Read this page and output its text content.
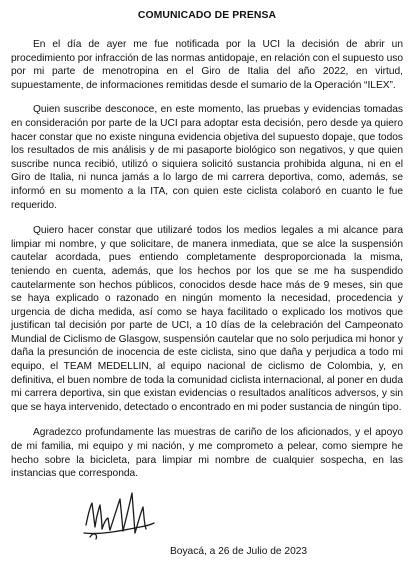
COMUNICADO DE PRENSA

En el día de ayer me fue notificada por la UCI la decisión de abrir un procedimiento por infracción de las normas antidopaje, en relación con el supuesto uso por mi parte de menotropina en el Giro de Italia del año 2022, en virtud, supuestamente, de informaciones remitidas desde el sumario de la Operación “ILEX”.

Quien suscribe desconoce, en este momento, las pruebas y evidencias tomadas en consideración por parte de la UCI para adoptar esta decisión, pero desde ya quiero hacer constar que no existe ninguna evidencia objetiva del supuesto dopaje, que todos los resultados de mis análisis y de mi pasaporte biológico son negativos, y que quien suscribe nunca recibió, utilizó o siquiera solicitó sustancia prohibida alguna, ni en el Giro de Italia, ni nunca jamás a lo largo de mi carrera deportiva, como, además, se informó en su momento a la ITA, con quien este ciclista colaboró en cuanto le fue requerido.

Quiero hacer constar que utilizaré todos los medios legales a mi alcance para limpiar mi nombre, y que solicitare, de manera inmediata, que se alce la suspensión cautelar acordada, pues entiendo completamente desproporcionada la misma, teniendo en cuenta, además, que los hechos por los que se me ha suspendido cautelarmente son hechos públicos, conocidos desde hace más de 9 meses, sin que se haya explicado o razonado en ningún momento la necesidad, procedencia y urgencia de dicha medida, así como se haya facilitado o explicado los motivos que justifican tal decisión por parte de UCI, a 10 días de la celebración del Campeonato Mundial de Ciclismo de Glasgow, suspensión cautelar que no solo perjudica mi honor y daña la presunción de inocencia de este ciclista, sino que daña y perjudica a todo mi equipo, el TEAM MEDELLIN, al equipo nacional de ciclismo de Colombia, y, en definitiva, el buen nombre de toda la comunidad ciclista internacional, al poner en duda mi carrera deportiva, sin que existan evidencias o resultados analíticos adversos, y sin que se haya intervenido, detectado o encontrado en mi poder sustancia de ningún tipo.

Agradezco profundamente las muestras de cariño de los aficionados, y el apoyo de mi familia, mi equipo y mi nación, y me comprometo a pelear, como siempre he hecho sobre la bicicleta, para limpiar mi nombre de cualquier sospecha, en las instancias que corresponda.

Boyacá, a 26 de Julio de 2023
